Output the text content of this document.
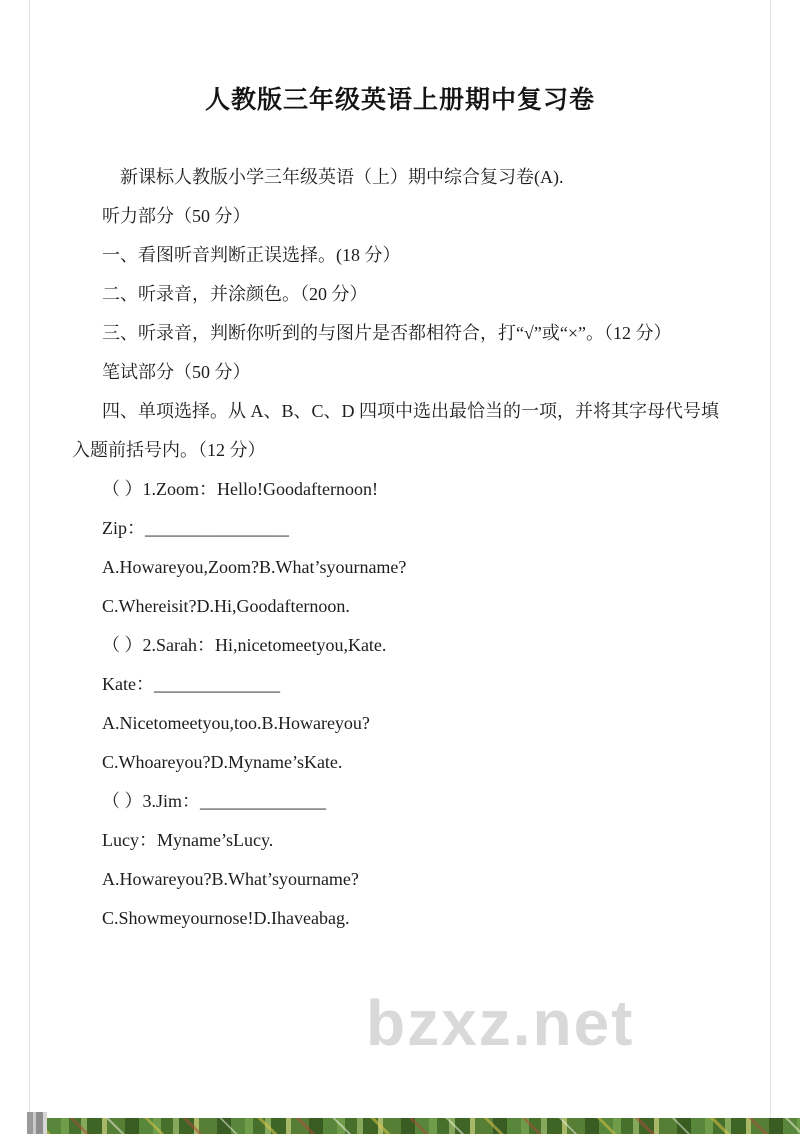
bzxz.net
人教版三年级英语上册期中复习卷

新课标人教版小学三年级英语（上）期中综合复习卷(A).

听力部分（50 分）

一、看图听音判断正误选择。(18 分）

二、听录音，并涂颜色。（20 分）

三、听录音，判断你听到的与图片是否都相符合，打“√”或“×”。（12 分）

笔试部分（50 分）

四、单项选择。从 A、B、C、D 四项中选出最恰当的一项，并将其字母代号填入题前括号内。（12 分）

（ ）1.Zoom：Hello!Goodafternoon!

Zip：________________

A.Howareyou,Zoom?B.What’syourname?

C.Whereisit?D.Hi,Goodafternoon.

（ ）2.Sarah：Hi,nicetomeetyou,Kate.

Kate：______________

A.Nicetomeetyou,too.B.Howareyou?

C.Whoareyou?D.Myname’sKate.

（ ）3.Jim：______________

Lucy：Myname’sLucy.

A.Howareyou?B.What’syourname?

C.Showmeyournose!D.Ihaveabag.
